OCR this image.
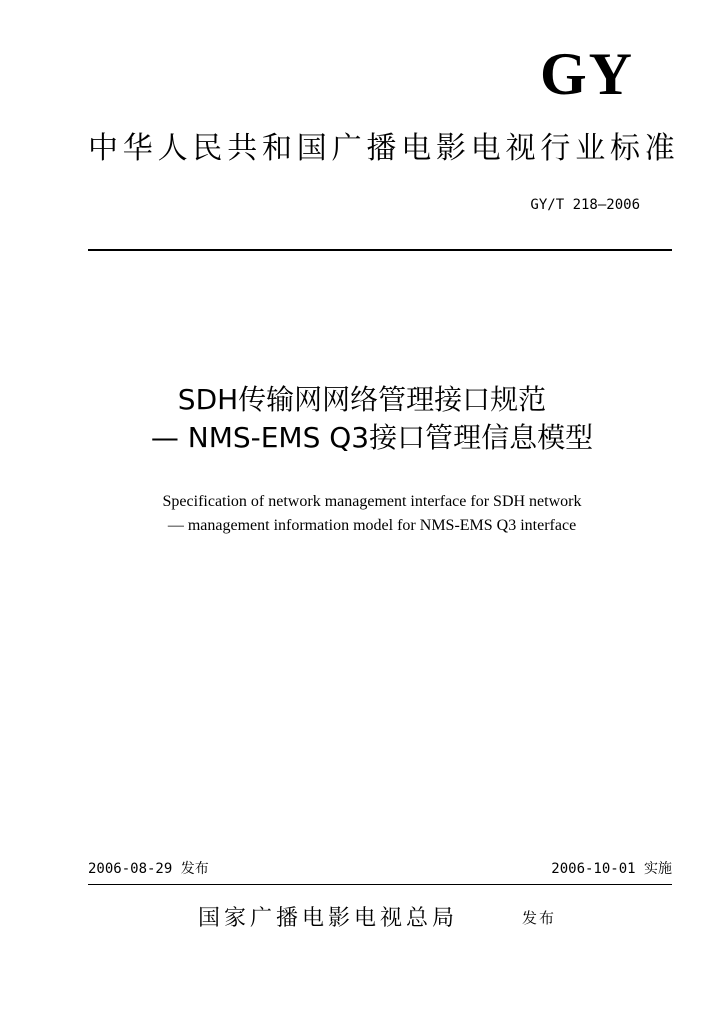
GY
中华人民共和国广播电影电视行业标准
GY/T 218—2006
SDH传输网网络管理接口规范
— NMS-EMS Q3接口管理信息模型
Specification of network management interface for SDH network
— management information model for NMS-EMS Q3 interface
2006-08-29 发布	2006-10-01 实施
国家广播电影电视总局	发布
